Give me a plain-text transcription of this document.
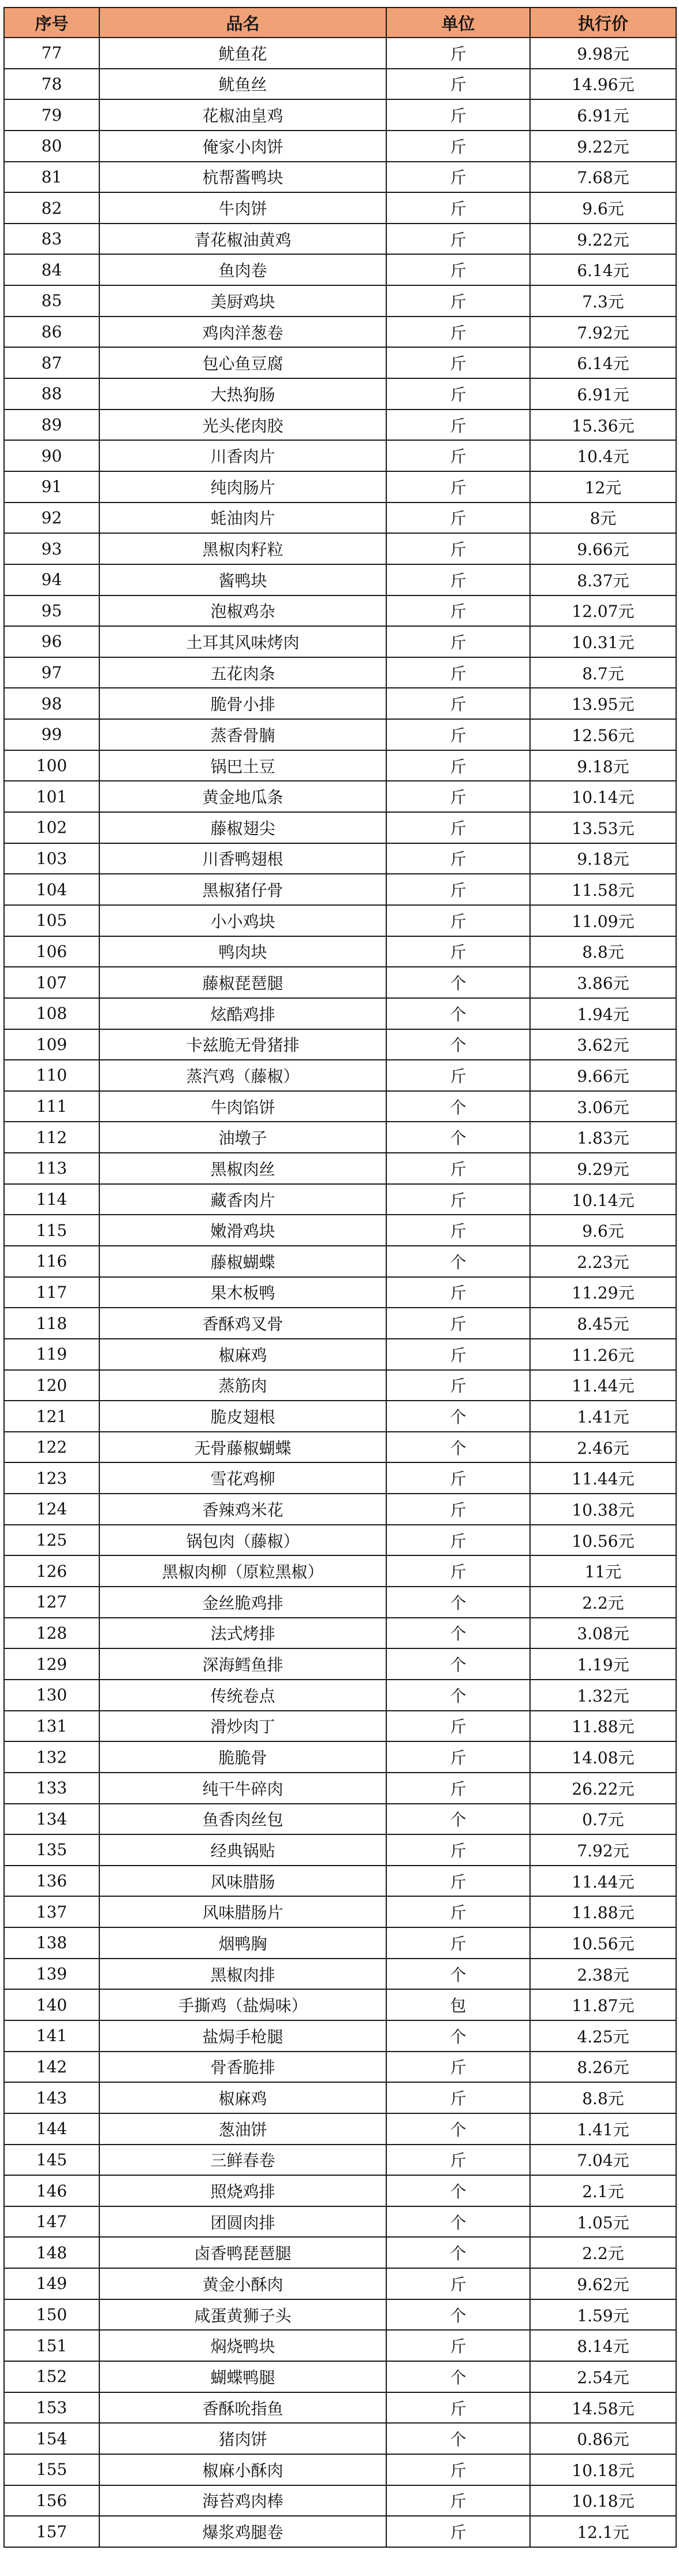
序号	品名	单位	执行价
77	鱿鱼花	斤	9.98元
78	鱿鱼丝	斤	14.96元
79	花椒油皇鸡	斤	6.91元
80	俺家小肉饼	斤	9.22元
81	杭帮酱鸭块	斤	7.68元
82	牛肉饼	斤	9.6元
83	青花椒油黄鸡	斤	9.22元
84	鱼肉卷	斤	6.14元
85	美厨鸡块	斤	7.3元
86	鸡肉洋葱卷	斤	7.92元
87	包心鱼豆腐	斤	6.14元
88	大热狗肠	斤	6.91元
89	光头佬肉胶	斤	15.36元
90	川香肉片	斤	10.4元
91	纯肉肠片	斤	12元
92	蚝油肉片	斤	8元
93	黑椒肉籽粒	斤	9.66元
94	酱鸭块	斤	8.37元
95	泡椒鸡杂	斤	12.07元
96	土耳其风味烤肉	斤	10.31元
97	五花肉条	斤	8.7元
98	脆骨小排	斤	13.95元
99	蒸香骨腩	斤	12.56元
100	锅巴土豆	斤	9.18元
101	黄金地瓜条	斤	10.14元
102	藤椒翅尖	斤	13.53元
103	川香鸭翅根	斤	9.18元
104	黑椒猪仔骨	斤	11.58元
105	小小鸡块	斤	11.09元
106	鸭肉块	斤	8.8元
107	藤椒琵琶腿	个	3.86元
108	炫酷鸡排	个	1.94元
109	卡兹脆无骨猪排	个	3.62元
110	蒸汽鸡（藤椒）	斤	9.66元
111	牛肉馅饼	个	3.06元
112	油墩子	个	1.83元
113	黑椒肉丝	斤	9.29元
114	藏香肉片	斤	10.14元
115	嫩滑鸡块	斤	9.6元
116	藤椒蝴蝶	个	2.23元
117	果木板鸭	斤	11.29元
118	香酥鸡叉骨	斤	8.45元
119	椒麻鸡	斤	11.26元
120	蒸筋肉	斤	11.44元
121	脆皮翅根	个	1.41元
122	无骨藤椒蝴蝶	个	2.46元
123	雪花鸡柳	斤	11.44元
124	香辣鸡米花	斤	10.38元
125	锅包肉（藤椒）	斤	10.56元
126	黑椒肉柳（原粒黑椒）	斤	11元
127	金丝脆鸡排	个	2.2元
128	法式烤排	个	3.08元
129	深海鳕鱼排	个	1.19元
130	传统卷点	个	1.32元
131	滑炒肉丁	斤	11.88元
132	脆脆骨	斤	14.08元
133	纯干牛碎肉	斤	26.22元
134	鱼香肉丝包	个	0.7元
135	经典锅贴	斤	7.92元
136	风味腊肠	斤	11.44元
137	风味腊肠片	斤	11.88元
138	烟鸭胸	斤	10.56元
139	黑椒肉排	个	2.38元
140	手撕鸡（盐焗味）	包	11.87元
141	盐焗手枪腿	个	4.25元
142	骨香脆排	斤	8.26元
143	椒麻鸡	斤	8.8元
144	葱油饼	个	1.41元
145	三鲜春卷	斤	7.04元
146	照烧鸡排	个	2.1元
147	团圆肉排	个	1.05元
148	卤香鸭琵琶腿	个	2.2元
149	黄金小酥肉	斤	9.62元
150	咸蛋黄狮子头	个	1.59元
151	焖烧鸭块	斤	8.14元
152	蝴蝶鸭腿	个	2.54元
153	香酥吮指鱼	斤	14.58元
154	猪肉饼	个	0.86元
155	椒麻小酥肉	斤	10.18元
156	海苔鸡肉棒	斤	10.18元
157	爆浆鸡腿卷	斤	12.1元
